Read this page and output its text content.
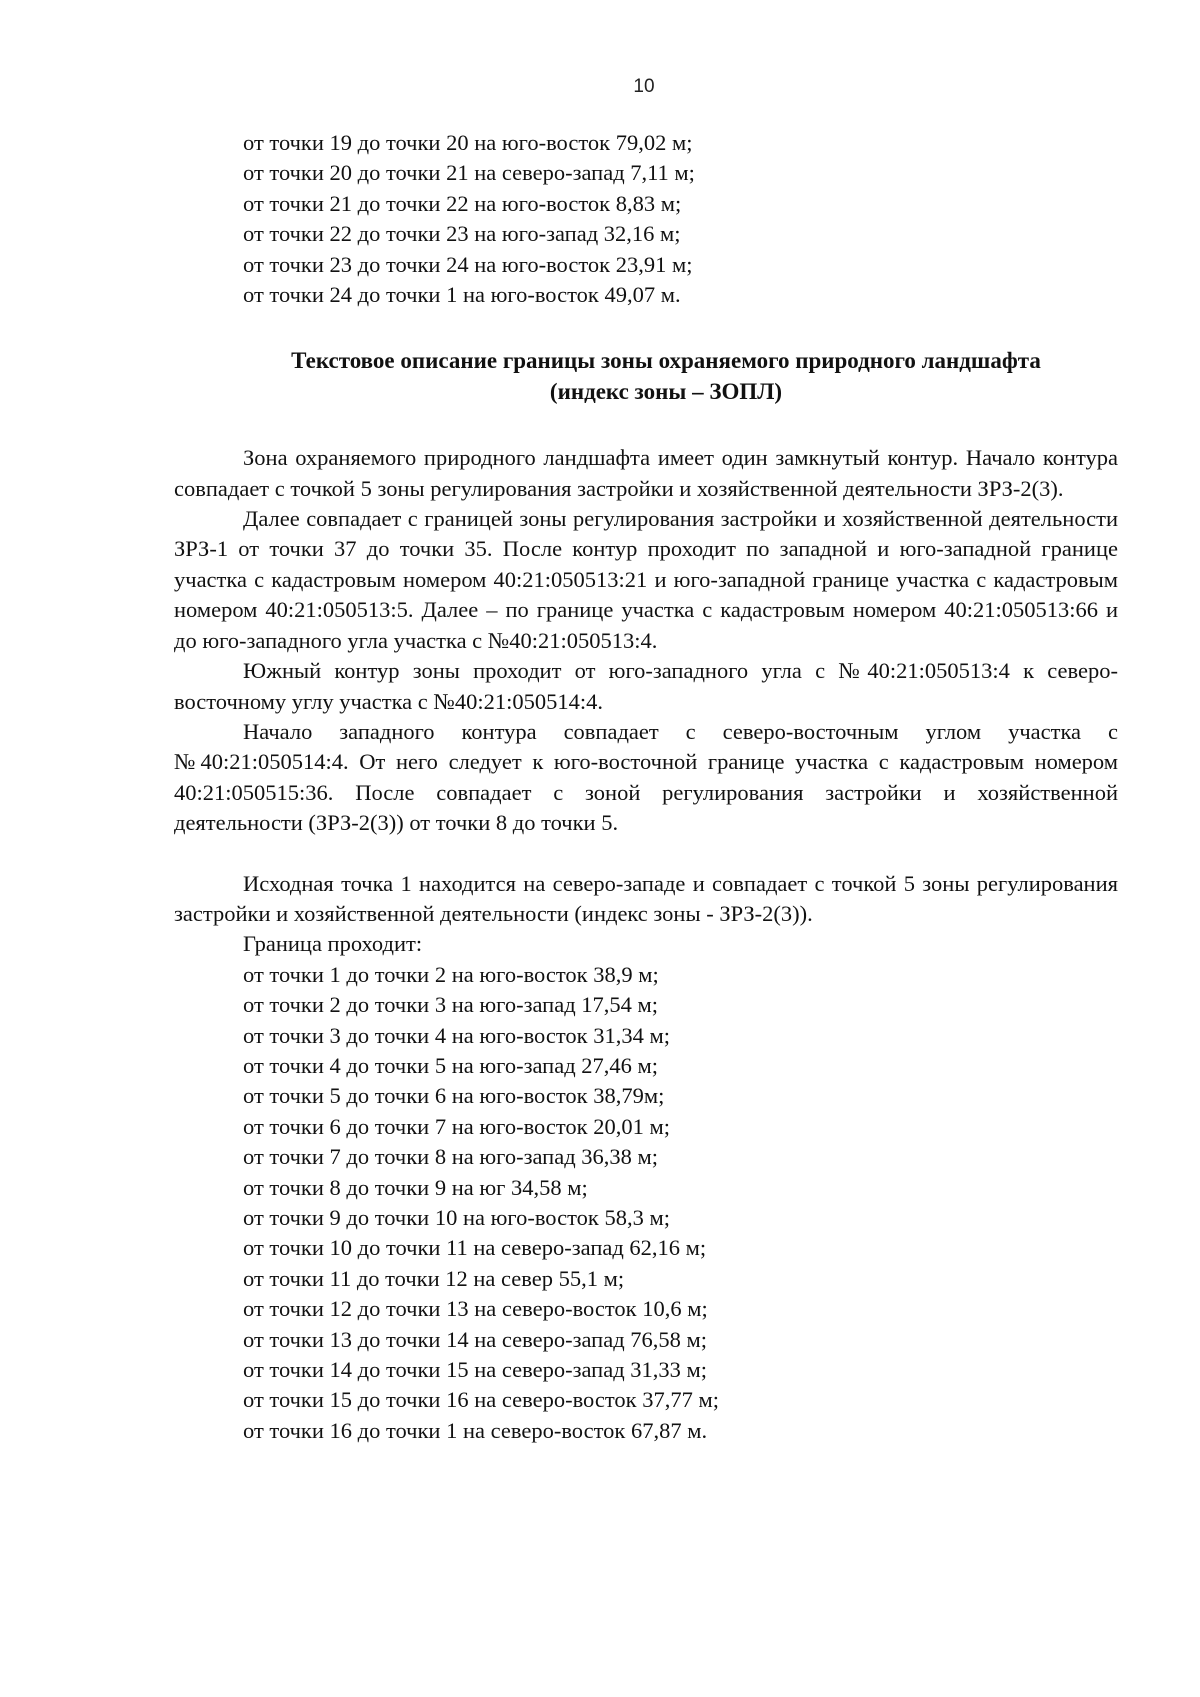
10
от точки 19 до точки 20 на юго-восток 79,02 м;
от точки 20 до точки 21 на северо-запад 7,11 м;
от точки 21 до точки 22 на юго-восток 8,83 м;
от точки 22 до точки 23 на юго-запад 32,16 м;
от точки 23 до точки 24 на юго-восток 23,91 м;
от точки 24 до точки 1 на юго-восток 49,07 м.
Текстовое описание границы зоны охраняемого природного ландшафта
(индекс зоны – ЗОПЛ)

Зона охраняемого природного ландшафта имеет один замкнутый контур. Начало контура совпадает с точкой 5 зоны регулирования застройки и хозяйственной деятельности ЗРЗ-2(3).

Далее совпадает с границей зоны регулирования застройки и хозяйственной деятельности ЗРЗ-1 от точки 37 до точки 35. После контур проходит по западной и юго-западной границе участка с кадастровым номером 40:21:050513:21 и юго-западной границе участка с кадастровым номером 40:21:050513:5. Далее – по границе участка с кадастровым номером 40:21:050513:66 и до юго-западного угла участка с №40:21:050513:4.

Южный контур зоны проходит от юго-западного угла с №40:21:050513:4 к северо-восточному углу участка с №40:21:050514:4.

Начало западного контура совпадает с северо-восточным углом участка с №40:21:050514:4. От него следует к юго-восточной границе участка с кадастровым номером 40:21:050515:36. После совпадает с зоной регулирования застройки и хозяйственной деятельности (ЗРЗ-2(3)) от точки 8 до точки 5.

Исходная точка 1 находится на северо-западе и совпадает с точкой 5 зоны регулирования застройки и хозяйственной деятельности (индекс зоны - ЗРЗ-2(3)).

Граница проходит:
от точки 1 до точки 2 на юго-восток 38,9 м;
от точки 2 до точки 3 на юго-запад 17,54 м;
от точки 3 до точки 4 на юго-восток 31,34 м;
от точки 4 до точки 5 на юго-запад 27,46 м;
от точки 5 до точки 6 на юго-восток 38,79м;
от точки 6 до точки 7 на юго-восток 20,01 м;
от точки 7 до точки 8 на юго-запад 36,38 м;
от точки 8 до точки 9 на юг 34,58 м;
от точки 9 до точки 10 на юго-восток 58,3 м;
от точки 10 до точки 11 на северо-запад 62,16 м;
от точки 11 до точки 12 на север 55,1 м;
от точки 12 до точки 13 на северо-восток 10,6 м;
от точки 13 до точки 14 на северо-запад 76,58 м;
от точки 14 до точки 15 на северо-запад 31,33 м;
от точки 15 до точки 16 на северо-восток 37,77 м;
от точки 16 до точки 1 на северо-восток 67,87 м.
